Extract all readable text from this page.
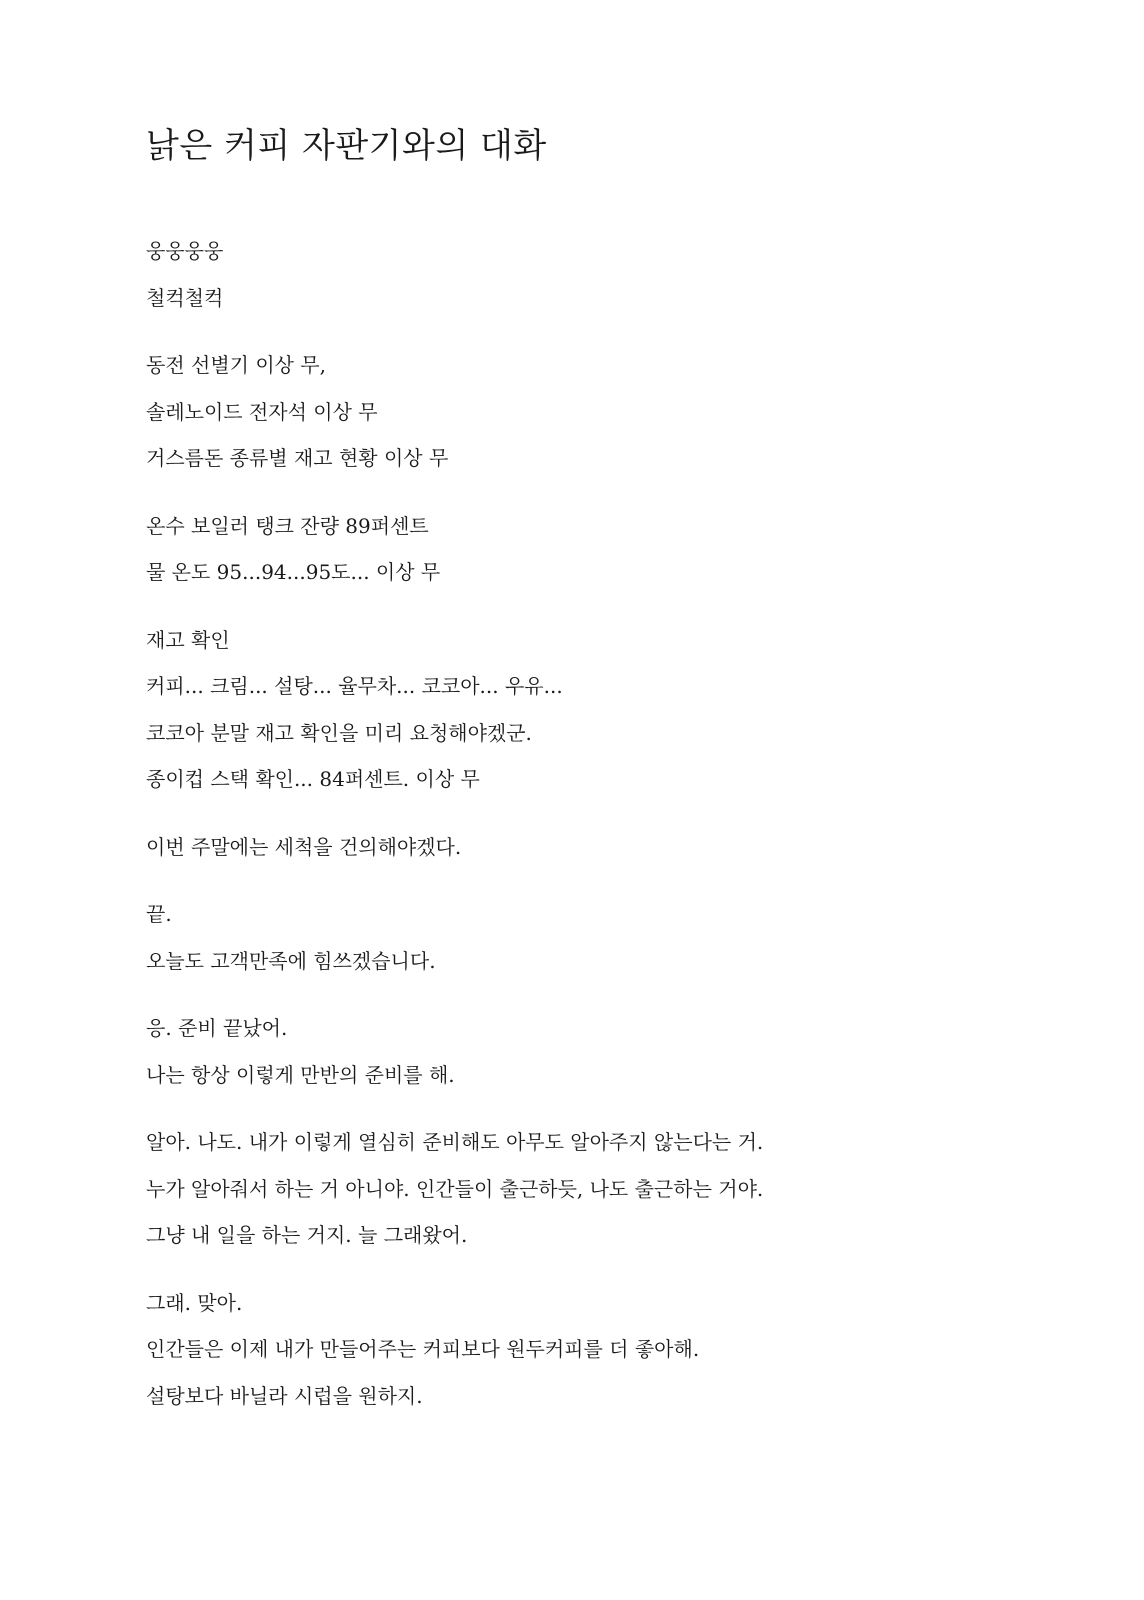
낡은 커피 자판기와의 대화
웅웅웅웅
철컥철컥
동전 선별기 이상 무,
솔레노이드 전자석 이상 무
거스름돈 종류별 재고 현황 이상 무
온수 보일러 탱크 잔량 89퍼센트
물 온도 95...94...95도... 이상 무
재고 확인
커피... 크림... 설탕... 율무차... 코코아... 우유...
코코아 분말 재고 확인을 미리 요청해야겠군.
종이컵 스택 확인... 84퍼센트. 이상 무
이번 주말에는 세척을 건의해야겠다.
끝.
오늘도 고객만족에 힘쓰겠습니다.
응. 준비 끝났어.
나는 항상 이렇게 만반의 준비를 해.
알아. 나도. 내가 이렇게 열심히 준비해도 아무도 알아주지 않는다는 거.
누가 알아줘서 하는 거 아니야. 인간들이 출근하듯, 나도 출근하는 거야.
그냥 내 일을 하는 거지. 늘 그래왔어.
그래. 맞아.
인간들은 이제 내가 만들어주는 커피보다 원두커피를 더 좋아해.
설탕보다 바닐라 시럽을 원하지.
